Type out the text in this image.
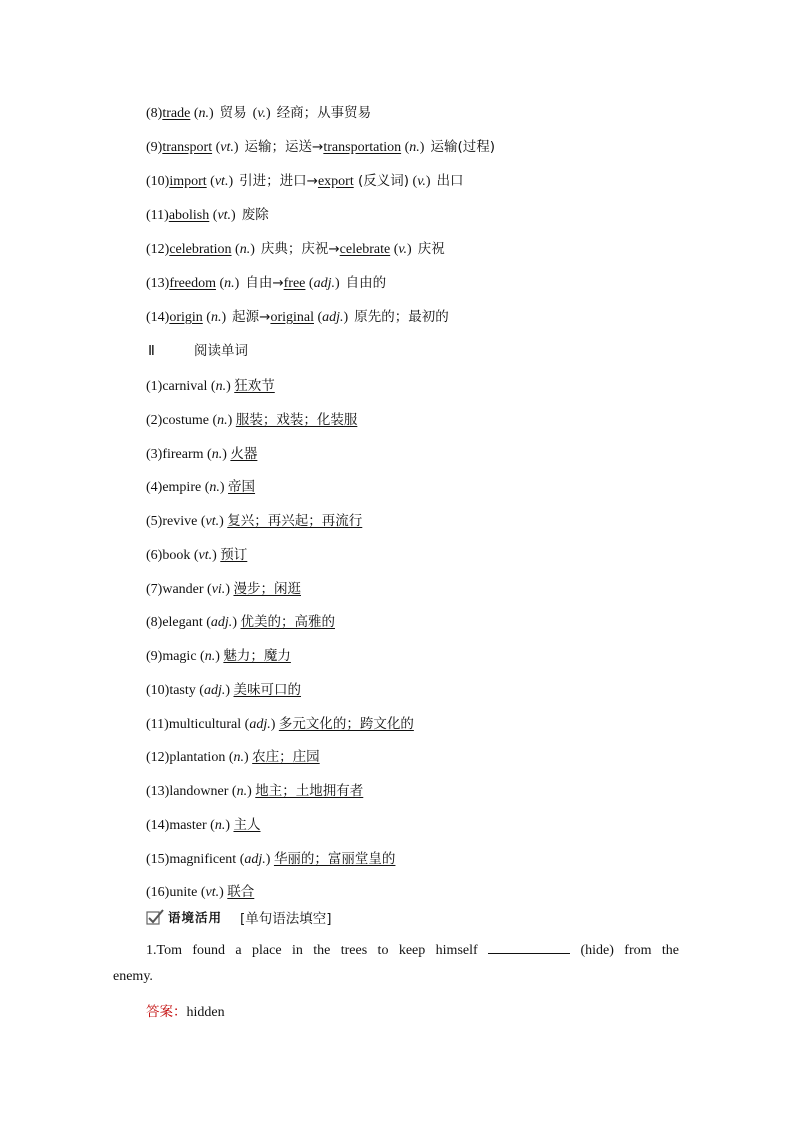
(8)trade (n.) 贸易 (v.) 经商；从事贸易
(9)transport (vt.) 运输；运送→transportation (n.) 运输(过程)
(10)import (vt.) 引进；进口→export (反义词) (v.) 出口
(11)abolish (vt.) 废除
(12)celebration (n.) 庆典；庆祝→celebrate (v.) 庆祝
(13)freedom (n.) 自由→free (adj.) 自由的
(14)origin (n.) 起源→original (adj.) 原先的；最初的
Ⅱ	阅读单词
(1)carnival (n.) 狂欢节
(2)costume (n.) 服装；戏装；化装服
(3)firearm (n.) 火器
(4)empire (n.) 帝国
(5)revive (vt.) 复兴；再兴起；再流行
(6)book (vt.) 预订
(7)wander (vi.) 漫步；闲逛
(8)elegant (adj.) 优美的；高雅的
(9)magic (n.) 魅力；魔力
(10)tasty (adj.) 美味可口的
(11)multicultural (adj.) 多元文化的；跨文化的
(12)plantation (n.) 农庄；庄园
(13)landowner (n.) 地主；土地拥有者
(14)master (n.) 主人
(15)magnificent (adj.) 华丽的；富丽堂皇的
(16)unite (vt.) 联合
语境活用 [单句语法填空]
1.Tom found a place in the trees to keep himself	(hide) from the
enemy.
答案：hidden
